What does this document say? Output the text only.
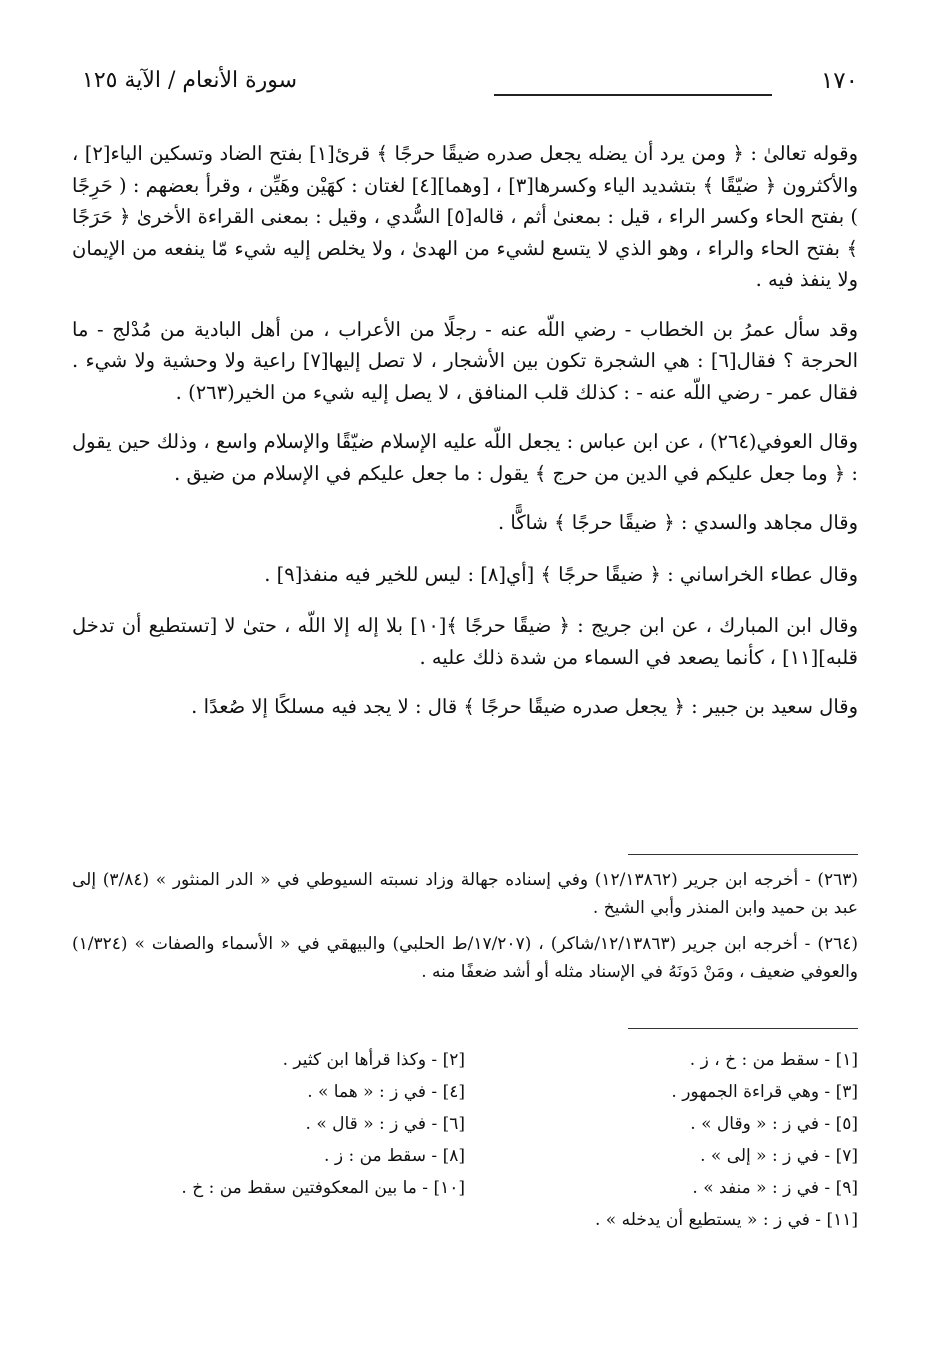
١٧٠
سورة الأنعام / الآية ١٢٥

وقوله تعالىٰ : ﴿ ومن يرد أن يضله يجعل صدره ضيقًا حرجًا ﴾ قرئ[١] بفتح الضاد وتسكين الياء[٢] ، والأكثرون ﴿ ضيّقًا ﴾ بتشديد الياء وكسرها[٣] ، [وهما][٤] لغتان : كهَيْن وهَيِّن ، وقرأ بعضهم : ( حَرِجًا ) بفتح الحاء وكسر الراء ، قيل : بمعنىٰ أثم ، قاله[٥] السُّدي ، وقيل : بمعنى القراءة الأخرىٰ ﴿ حَرَجًا ﴾ بفتح الحاء والراء ، وهو الذي لا يتسع لشيء من الهدىٰ ، ولا يخلص إليه شيء مّا ينفعه من الإيمان ولا ينفذ فيه .

وقد سأل عمرُ بن الخطاب - رضي اللّه عنه - رجلًا من الأعراب ، من أهل البادية من مُدْلج - ما الحرجة ؟ فقال[٦] : هي الشجرة تكون بين الأشجار ، لا تصل إليها[٧] راعية ولا وحشية ولا شيء . فقال عمر - رضي اللّه عنه - : كذلك قلب المنافق ، لا يصل إليه شيء من الخير(٢٦٣) .

وقال العوفي(٢٦٤) ، عن ابن عباس : يجعل اللّه عليه الإسلام ضيّقًا والإسلام واسع ، وذلك حين يقول : ﴿ وما جعل عليكم في الدين من حرج ﴾ يقول : ما جعل عليكم في الإسلام من ضيق .

وقال مجاهد والسدي : ﴿ ضيقًا حرجًا ﴾ شاكًّا .

وقال عطاء الخراساني : ﴿ ضيقًا حرجًا ﴾ [أي[٨] : ليس للخير فيه منفذ[٩] .

وقال ابن المبارك ، عن ابن جريج : ﴿ ضيقًا حرجًا ﴾[١٠] بلا إله إلا اللّه ، حتىٰ لا [تستطيع أن تدخل قلبه][١١] ، كأنما يصعد في السماء من شدة ذلك عليه .

وقال سعيد بن جبير : ﴿ يجعل صدره ضيقًا حرجًا ﴾ قال : لا يجد فيه مسلكًا إلا صُعدًا .

(٢٦٣) - أخرجه ابن جرير (١٢/١٣٨٦٢) وفي إسناده جهالة وزاد نسبته السيوطي في « الدر المنثور » (٣/٨٤) إلى عبد بن حميد وابن المنذر وأبي الشيخ .

(٢٦٤) - أخرجه ابن جرير (١٢/١٣٨٦٣/شاكر) ، (١٧/٢٠٧/ط الحلبي) والبيهقي في « الأسماء والصفات » (١/٣٢٤) والعوفي ضعيف ، ومَنْ دَونَهُ في الإسناد مثله أو أشد ضعفًا منه .

[١] - سقط من : خ ، ز .
[٢] - وكذا قرأها ابن كثير .
[٣] - وهي قراءة الجمهور .
[٤] - في ز : « هما » .
[٥] - في ز : « وقال » .
[٦] - في ز : « قال » .
[٧] - في ز : « إلى » .
[٨] - سقط من : ز .
[٩] - في ز : « منفد » .
[١٠] - ما بين المعكوفتين سقط من : خ .
[١١] - في ز : « يستطيع أن يدخله » .
